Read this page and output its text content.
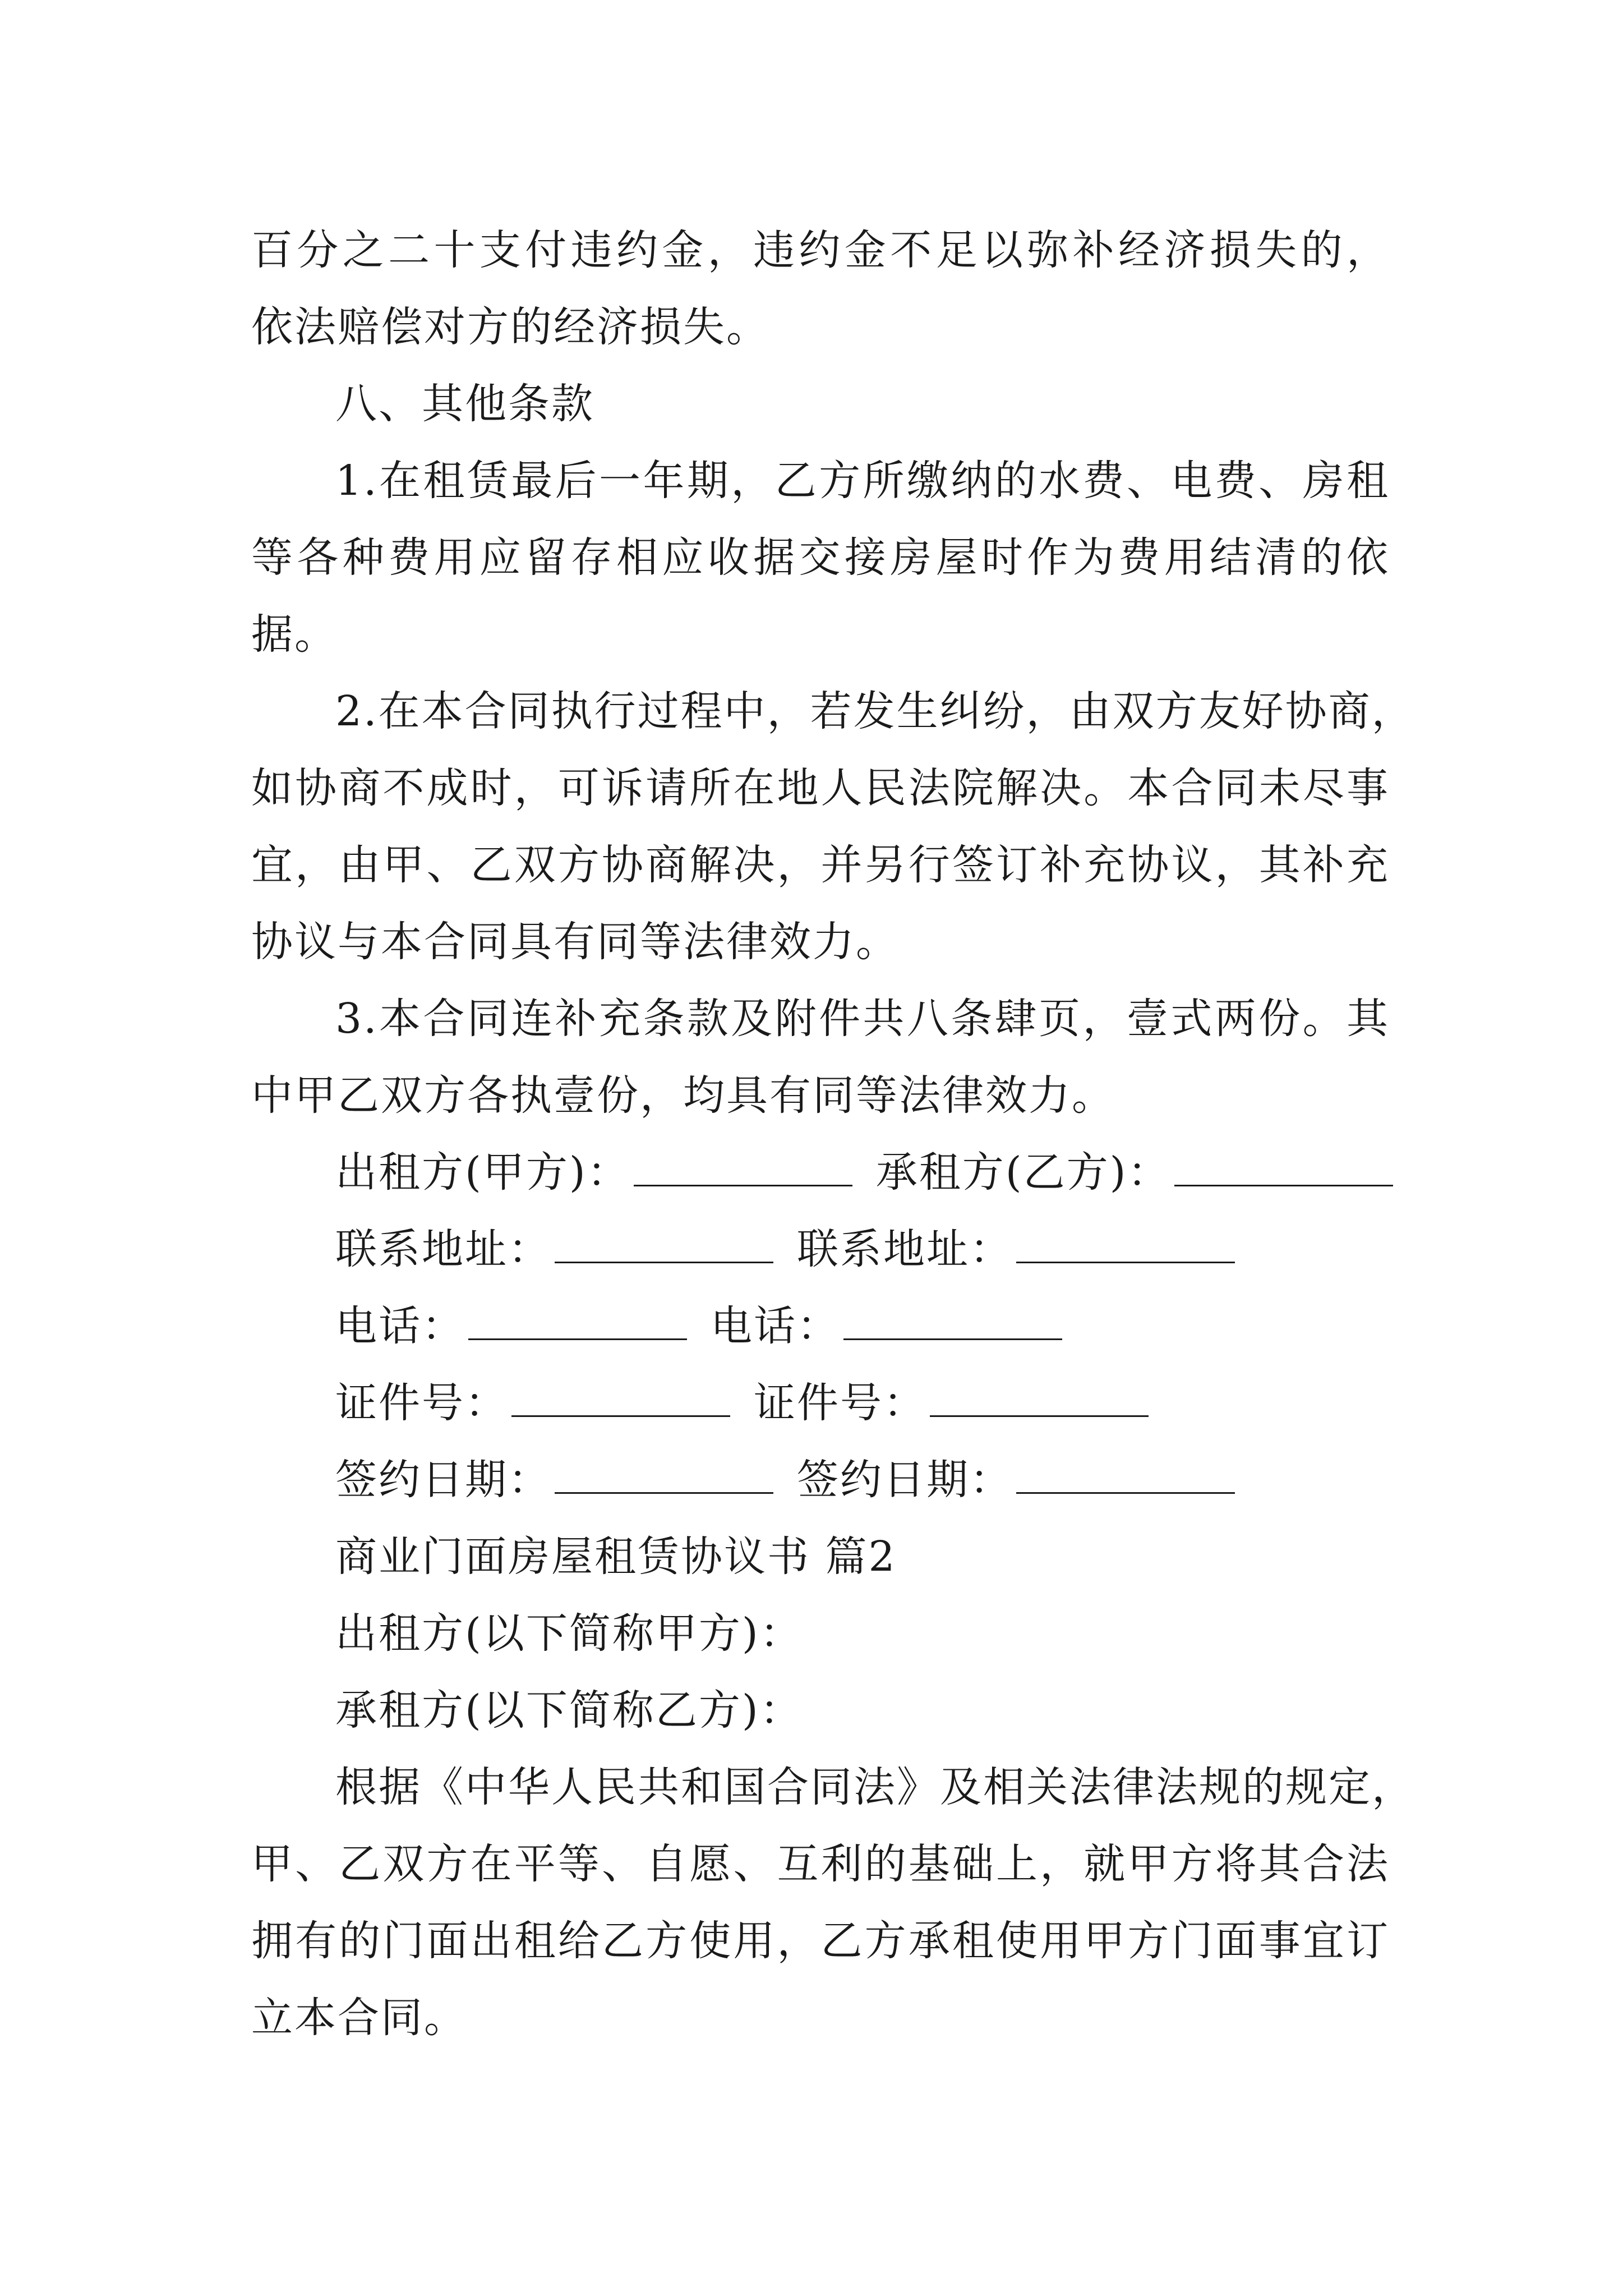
百分之二十支付违约金，违约金不足以弥补经济损失的，
依法赔偿对方的经济损失。
八、其他条款
1.在租赁最后一年期，乙方所缴纳的水费、电费、房租
等各种费用应留存相应收据交接房屋时作为费用结清的依
据。
2.在本合同执行过程中，若发生纠纷，由双方友好协商，
如协商不成时，可诉请所在地人民法院解决。本合同未尽事
宜，由甲、乙双方协商解决，并另行签订补充协议，其补充
协议与本合同具有同等法律效力。
3.本合同连补充条款及附件共八条肆页，壹式两份。其
中甲乙双方各执壹份，均具有同等法律效力。
出租方(甲方)：	承租方(乙方)：
联系地址：	联系地址：
电话：	电话：
证件号：	证件号：
签约日期：	签约日期：
商业门面房屋租赁协议书 篇2
出租方(以下简称甲方)：
承租方(以下简称乙方)：
根据《中华人民共和国合同法》及相关法律法规的规定，
甲、乙双方在平等、自愿、互利的基础上，就甲方将其合法
拥有的门面出租给乙方使用，乙方承租使用甲方门面事宜订
立本合同。
